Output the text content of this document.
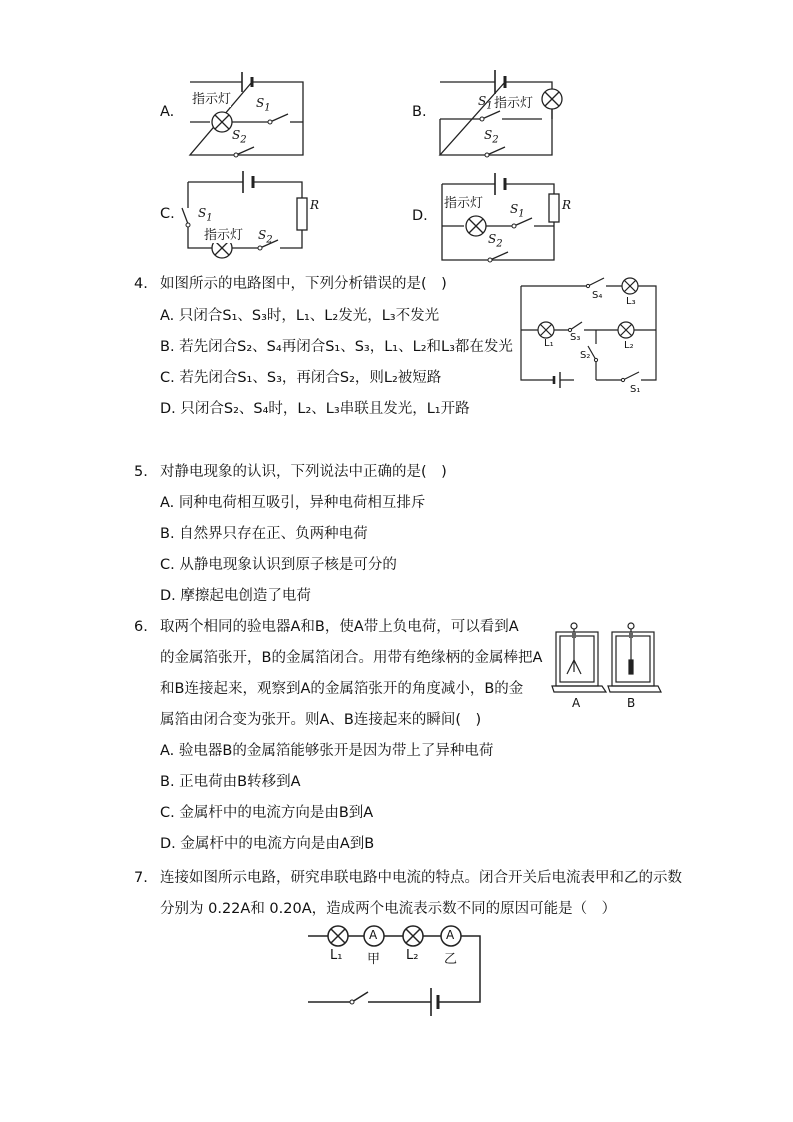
A.
指示灯 $S_1$
$S_2$
B.
$S_1$ 指示灯
$S_2$
C. $S_1$
指示灯 $S_2$
R
D.
指示灯 $S_1$
$S_2$
R
4. 如图所示的电路图中，下列分析错误的是(　)
A. 只闭合S₁、S₃时，L₁、L₂发光，L₃不发光
B. 若先闭合S₂、S₄再闭合S₁、S₃，L₁、L₂和L₃都在发光
C. 若先闭合S₁、S₃，再闭合S₂，则L₂被短路
D. 只闭合S₂、S₄时，L₂、L₃串联且发光，L₁开路
S₄
L₃
L₁
S₃
S₂
L₂
S₁
5. 对静电现象的认识，下列说法中正确的是(　)
A. 同种电荷相互吸引，异种电荷相互排斥
B. 自然界只存在正、负两种电荷
C. 从静电现象认识到原子核是可分的
D. 摩擦起电创造了电荷
6. 取两个相同的验电器A和B，使A带上负电荷，可以看到A
的金属箔张开，B的金属箔闭合。用带有绝缘柄的金属棒把A
和B连接起来，观察到A的金属箔张开的角度减小，B的金
属箔由闭合变为张开。则A、B连接起来的瞬间(　)
A. 验电器B的金属箔能够张开是因为带上了异种电荷
B. 正电荷由B转移到A
C. 金属杆中的电流方向是由B到A
D. 金属杆中的电流方向是由A到B
A	B
7. 连接如图所示电路，研究串联电路中电流的特点。闭合开关后电流表甲和乙的示数
分别为 0.22A和 0.20A，造成两个电流表示数不同的原因可能是（　）
A	A
L₁ 甲 L₂ 乙
